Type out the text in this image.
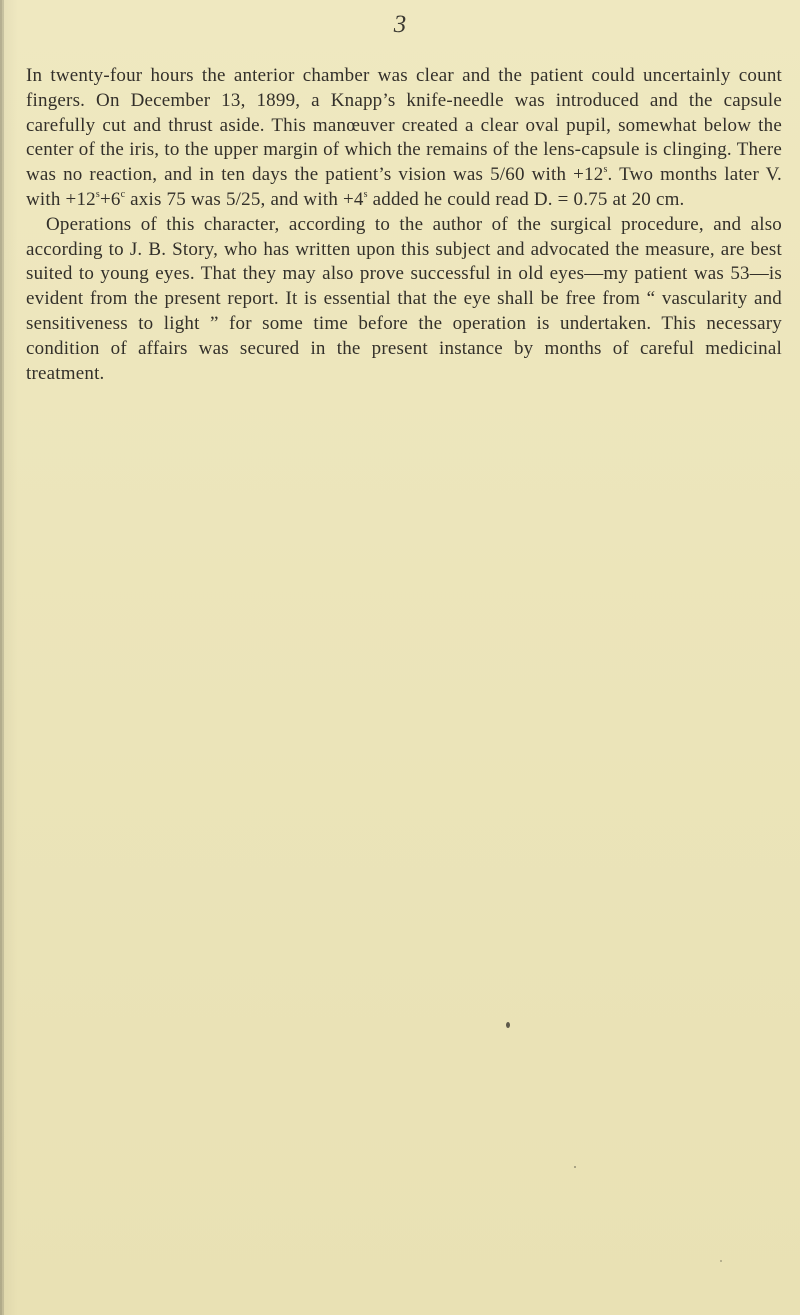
3

In twenty-four hours the anterior chamber was clear and the patient could uncertainly count fingers. On December 13, 1899, a Knapp’s knife-needle was introduced and the capsule carefully cut and thrust aside. This manœuver created a clear oval pupil, somewhat below the center of the iris, to the upper margin of which the remains of the lens-capsule is clinging. There was no reaction, and in ten days the patient’s vision was 5/60 with $+12^s$. Two months later V. with $+12^s+6^c$ axis 75 was 5/25, and with $+4^s$ added he could read D. = 0.75 at 20 cm.

Operations of this character, according to the author of the surgical procedure, and also according to J. B. Story, who has written upon this subject and advocated the measure, are best suited to young eyes. That they may also prove successful in old eyes—my patient was 53—is evident from the present report. It is essential that the eye shall be free from “ vascularity and sensitiveness to light ” for some time before the operation is undertaken. This necessary condition of affairs was secured in the present instance by months of careful medicinal treatment.
